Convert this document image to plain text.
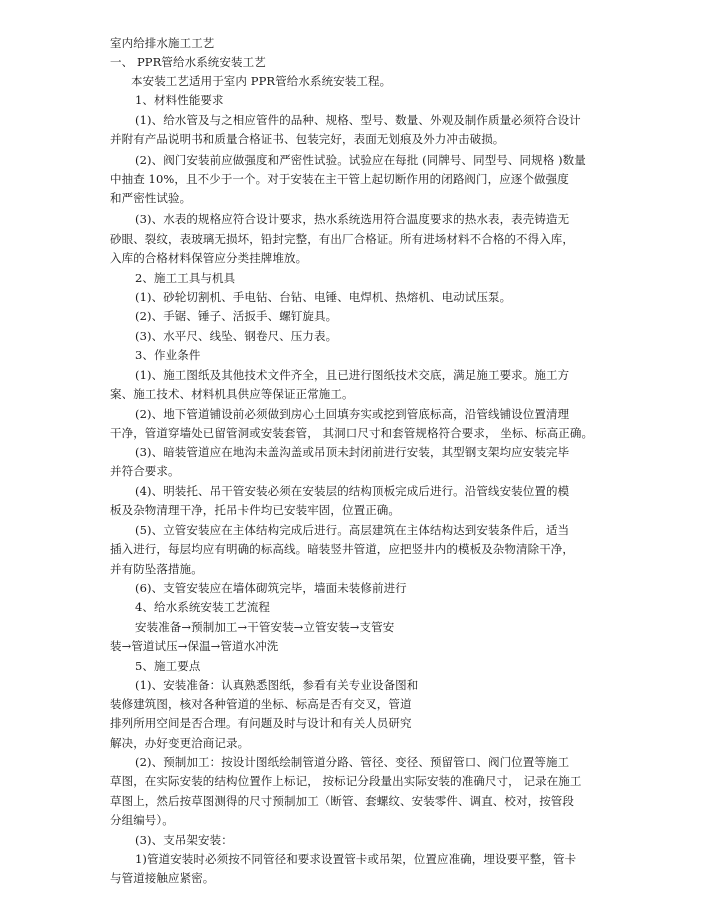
室内给排水施工工艺
一、 PPR管给水系统安装工艺
本安装工艺适用于室内 PPR管给水系统安装工程。
1、材料性能要求
(1)、给水管及与之相应管件的品种、规格、型号、数量、外观及制作质量必须符合设计
并附有产品说明书和质量合格证书、包装完好，表面无划痕及外力冲击破损。
(2)、阀门安装前应做强度和严密性试验。试验应在每批 (同牌号、同型号、同规格 )数量
中抽查 10%，且不少于一个。对于安装在主干管上起切断作用的闭路阀门，应逐个做强度
和严密性试验。
(3)、水表的规格应符合设计要求，热水系统选用符合温度要求的热水表，表壳铸造无
砂眼、裂纹，表玻璃无损坏，铅封完整，有出厂合格证。所有进场材料不合格的不得入库，
入库的合格材料保管应分类挂牌堆放。
2、施工工具与机具
(1)、砂轮切割机、手电钻、台钻、电锤、电焊机、热熔机、电动试压泵。
(2)、手锯、锤子、活扳手、螺钉旋具。
(3)、水平尺、线坠、钢卷尺、压力表。
3、作业条件
(1)、施工图纸及其他技术文件齐全，且已进行图纸技术交底，满足施工要求。施工方
案、施工技术、材料机具供应等保证正常施工。
(2)、地下管道铺设前必须做到房心土回填夯实或挖到管底标高，沿管线铺设位置清理
干净，管道穿墙处已留管洞或安装套管， 其洞口尺寸和套管规格符合要求， 坐标、标高正确。
(3)、暗装管道应在地沟未盖沟盖或吊顶未封闭前进行安装，其型钢支架均应安装完毕
并符合要求。
(4)、明装托、吊干管安装必须在安装层的结构顶板完成后进行。沿管线安装位置的模
板及杂物清理干净，托吊卡件均已安装牢固，位置正确。
(5)、立管安装应在主体结构完成后进行。高层建筑在主体结构达到安装条件后，适当
插入进行，每层均应有明确的标高线。暗装竖井管道，应把竖井内的模板及杂物清除干净，
并有防坠落措施。
(6)、支管安装应在墙体砌筑完毕，墙面未装修前进行
4、给水系统安装工艺流程
安装准备→预制加工→干管安装→立管安装→支管安
装→管道试压→保温→管道水冲洗
5、施工要点
(1)、安装准备：认真熟悉图纸，参看有关专业设备图和
装修建筑图，核对各种管道的坐标、标高是否有交叉，管道
排列所用空间是否合理。有问题及时与设计和有关人员研究
解决，办好变更洽商记录。
(2)、预制加工：按设计图纸绘制管道分路、管径、变径、预留管口、阀门位置等施工
草图，在实际安装的结构位置作上标记， 按标记分段量出实际安装的准确尺寸， 记录在施工
草图上，然后按草图测得的尺寸预制加工（断管、套螺纹、安装零件、调直、校对，按管段
分组编号）。
(3)、支吊架安装：
1)管道安装时必须按不同管径和要求设置管卡或吊架，位置应准确，埋设要平整，管卡
与管道接触应紧密。
